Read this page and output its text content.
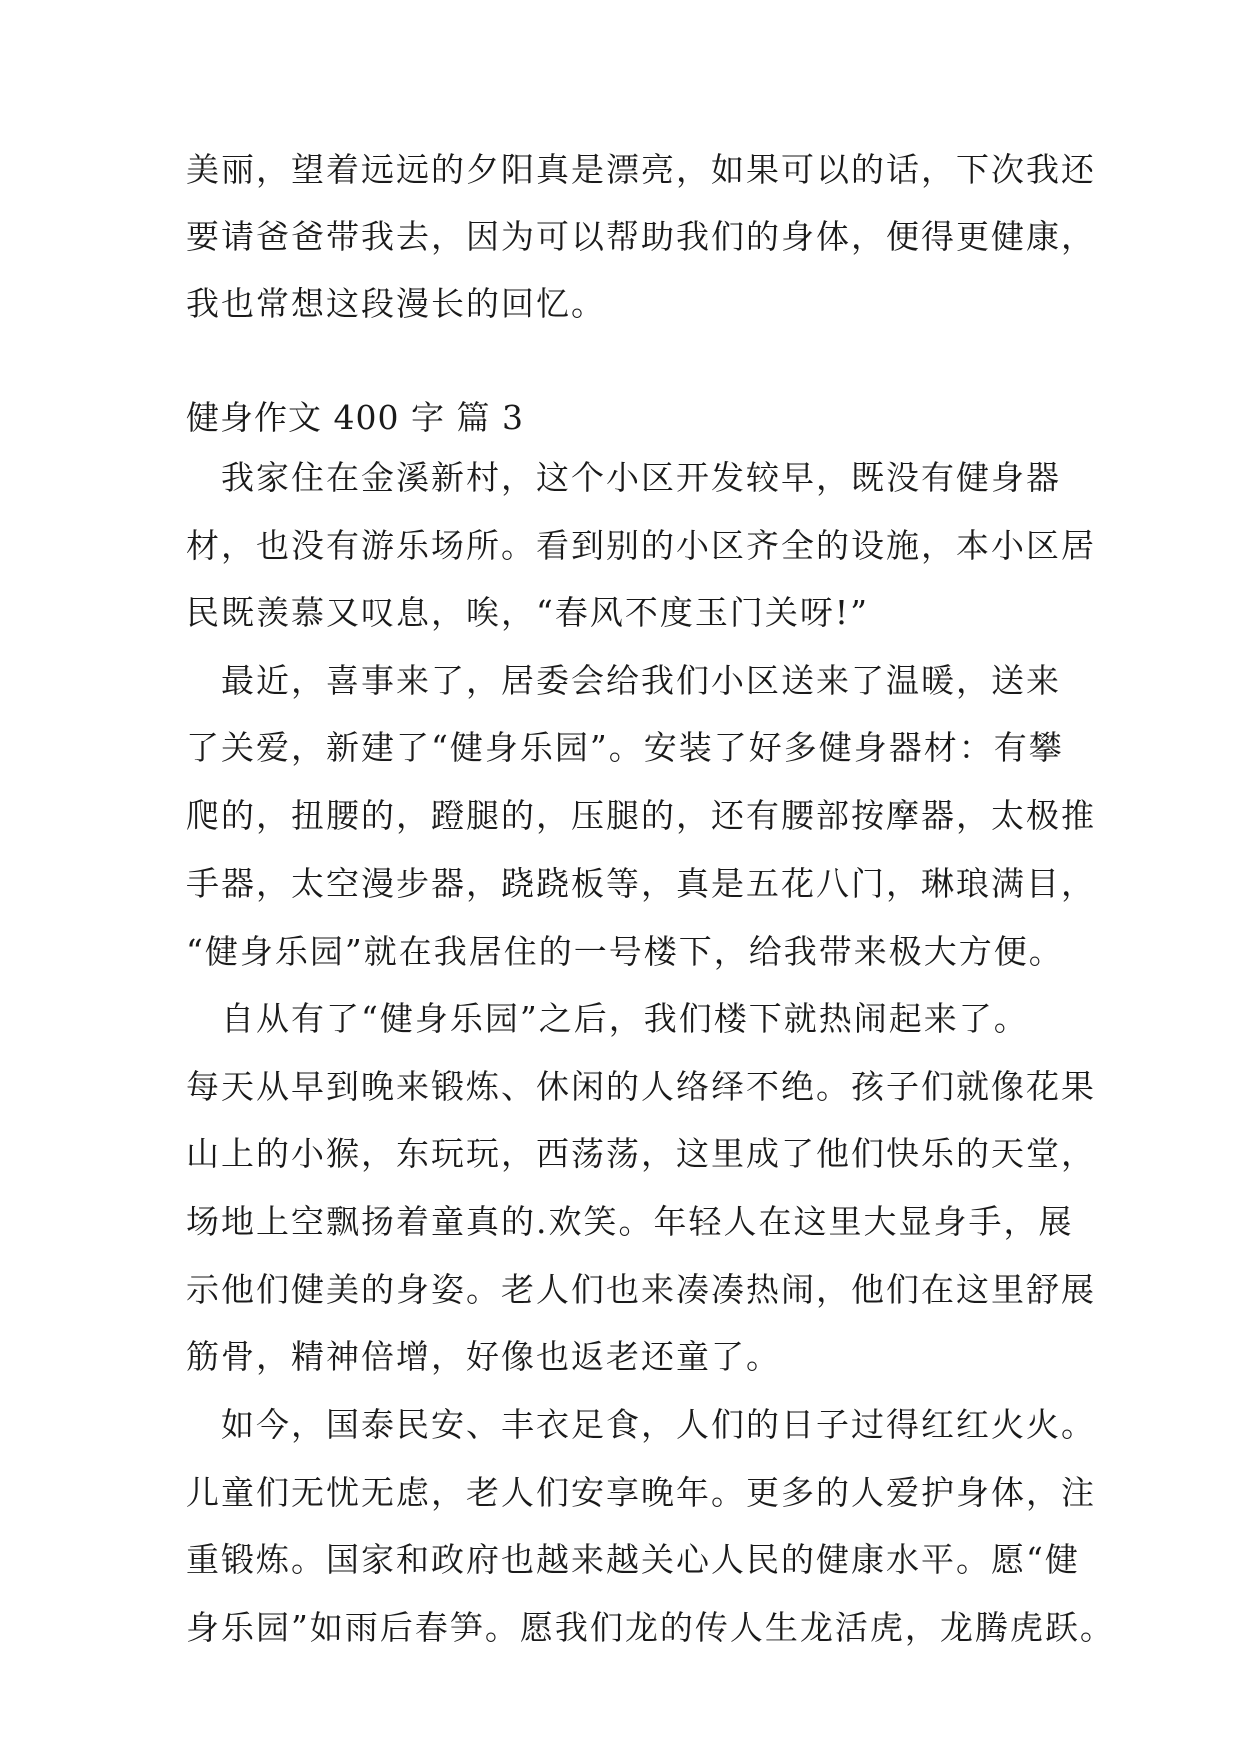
美丽，望着远远的夕阳真是漂亮，如果可以的话，下次我还
要请爸爸带我去，因为可以帮助我们的身体，便得更健康，
我也常想这段漫长的回忆。
健身作文 400 字 篇 3
　我家住在金溪新村，这个小区开发较早，既没有健身器
材，也没有游乐场所。看到别的小区齐全的设施，本小区居
民既羡慕又叹息，唉，“春风不度玉门关呀!”
　最近，喜事来了，居委会给我们小区送来了温暖，送来
了关爱，新建了“健身乐园”。安装了好多健身器材：有攀
爬的，扭腰的，蹬腿的，压腿的，还有腰部按摩器，太极推
手器，太空漫步器，跷跷板等，真是五花八门，琳琅满目，
“健身乐园”就在我居住的一号楼下，给我带来极大方便。
　自从有了“健身乐园”之后，我们楼下就热闹起来了。
每天从早到晚来锻炼、休闲的人络绎不绝。孩子们就像花果
山上的小猴，东玩玩，西荡荡，这里成了他们快乐的天堂，
场地上空飘扬着童真的.欢笑。年轻人在这里大显身手，展
示他们健美的身姿。老人们也来凑凑热闹，他们在这里舒展
筋骨，精神倍增，好像也返老还童了。
　如今，国泰民安、丰衣足食，人们的日子过得红红火火。
儿童们无忧无虑，老人们安享晚年。更多的人爱护身体，注
重锻炼。国家和政府也越来越关心人民的健康水平。愿“健
身乐园”如雨后春笋。愿我们龙的传人生龙活虎，龙腾虎跃。
